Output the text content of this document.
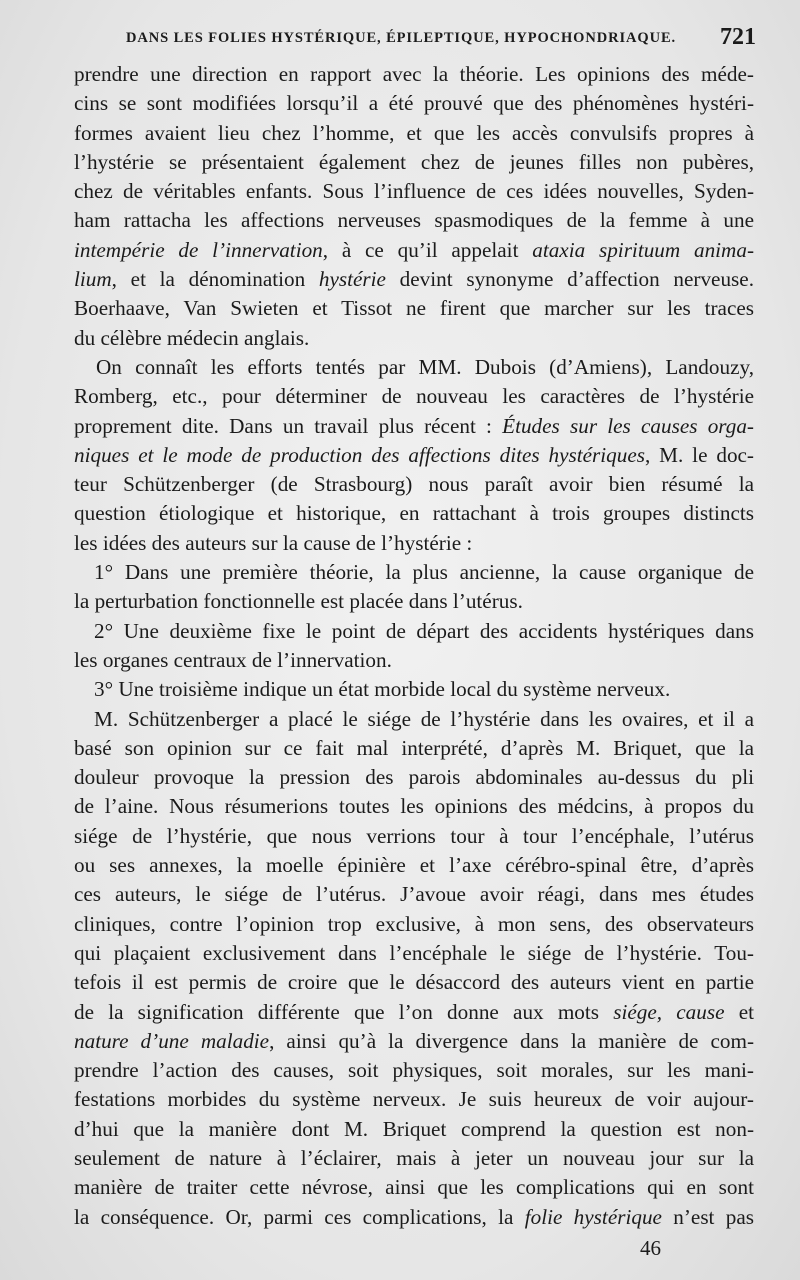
DANS LES FOLIES HYSTÉRIQUE, ÉPILEPTIQUE, HYPOCHONDRIAQUE. 721
prendre une direction en rapport avec la théorie. Les opinions des méde-
cins se sont modifiées lorsqu’il a été prouvé que des phénomènes hystéri-
formes avaient lieu chez l’homme, et que les accès convulsifs propres à
l’hystérie se présentaient également chez de jeunes filles non pubères,
chez de véritables enfants. Sous l’influence de ces idées nouvelles, Syden-
ham rattacha les affections nerveuses spasmodiques de la femme à une
intempérie de l’innervation, à ce qu’il appelait ataxia spirituum anima-
lium, et la dénomination hystérie devint synonyme d’affection nerveuse.
Boerhaave, Van Swieten et Tissot ne firent que marcher sur les traces
du célèbre médecin anglais.
On connaît les efforts tentés par MM. Dubois (d’Amiens), Landouzy,
Romberg, etc., pour déterminer de nouveau les caractères de l’hystérie
proprement dite. Dans un travail plus récent : Études sur les causes orga-
niques et le mode de production des affections dites hystériques, M. le doc-
teur Schützenberger (de Strasbourg) nous paraît avoir bien résumé la
question étiologique et historique, en rattachant à trois groupes distincts
les idées des auteurs sur la cause de l’hystérie :
1° Dans une première théorie, la plus ancienne, la cause organique de
la perturbation fonctionnelle est placée dans l’utérus.
2° Une deuxième fixe le point de départ des accidents hystériques dans
les organes centraux de l’innervation.
3° Une troisième indique un état morbide local du système nerveux.
M. Schützenberger a placé le siége de l’hystérie dans les ovaires, et il a
basé son opinion sur ce fait mal interprété, d’après M. Briquet, que la
douleur provoque la pression des parois abdominales au-dessus du pli
de l’aine. Nous résumerions toutes les opinions des médcins, à propos du
siége de l’hystérie, que nous verrions tour à tour l’encéphale, l’utérus
ou ses annexes, la moelle épinière et l’axe cérébro-spinal être, d’après
ces auteurs, le siége de l’utérus. J’avoue avoir réagi, dans mes études
cliniques, contre l’opinion trop exclusive, à mon sens, des observateurs
qui plaçaient exclusivement dans l’encéphale le siége de l’hystérie. Tou-
tefois il est permis de croire que le désaccord des auteurs vient en partie
de la signification différente que l’on donne aux mots siége, cause et
nature d’une maladie, ainsi qu’à la divergence dans la manière de com-
prendre l’action des causes, soit physiques, soit morales, sur les mani-
festations morbides du système nerveux. Je suis heureux de voir aujour-
d’hui que la manière dont M. Briquet comprend la question est non-
seulement de nature à l’éclairer, mais à jeter un nouveau jour sur la
manière de traiter cette névrose, ainsi que les complications qui en sont
la conséquence. Or, parmi ces complications, la folie hystérique n’est pas
46
